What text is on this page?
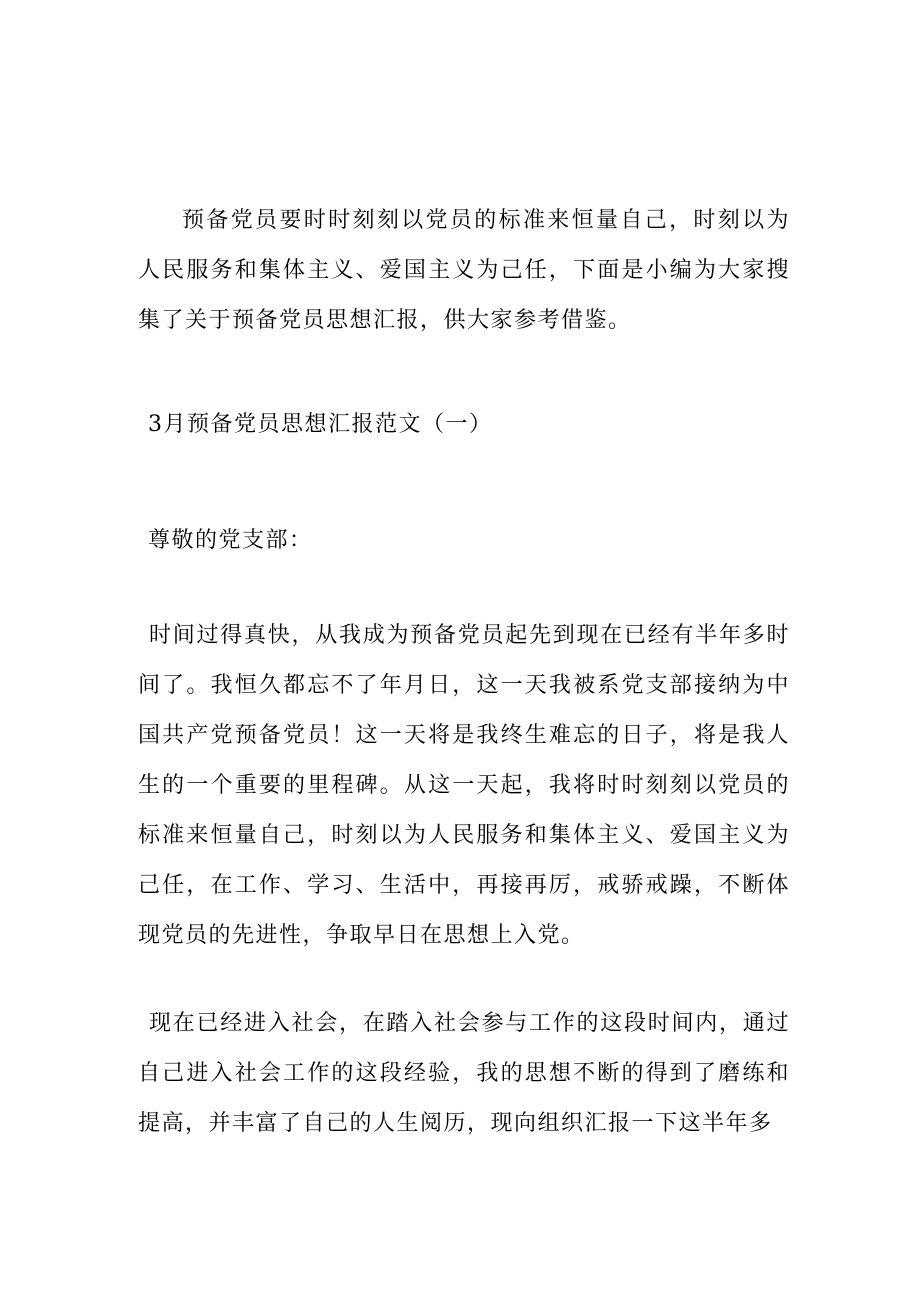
预备党员要时时刻刻以党员的标准来恒量自己，时刻以为人民服务和集体主义、爱国主义为己任，下面是小编为大家搜集了关于预备党员思想汇报，供大家参考借鉴。

3月预备党员思想汇报范文（一）

尊敬的党支部：

时间过得真快，从我成为预备党员起先到现在已经有半年多时间了。我恒久都忘不了年月日，这一天我被系党支部接纳为中国共产党预备党员！这一天将是我终生难忘的日子，将是我人生的一个重要的里程碑。从这一天起，我将时时刻刻以党员的标准来恒量自己，时刻以为人民服务和集体主义、爱国主义为己任，在工作、学习、生活中，再接再厉，戒骄戒躁，不断体现党员的先进性，争取早日在思想上入党。

现在已经进入社会，在踏入社会参与工作的这段时间内，通过自己进入社会工作的这段经验，我的思想不断的得到了磨练和提高，并丰富了自己的人生阅历，现向组织汇报一下这半年多
